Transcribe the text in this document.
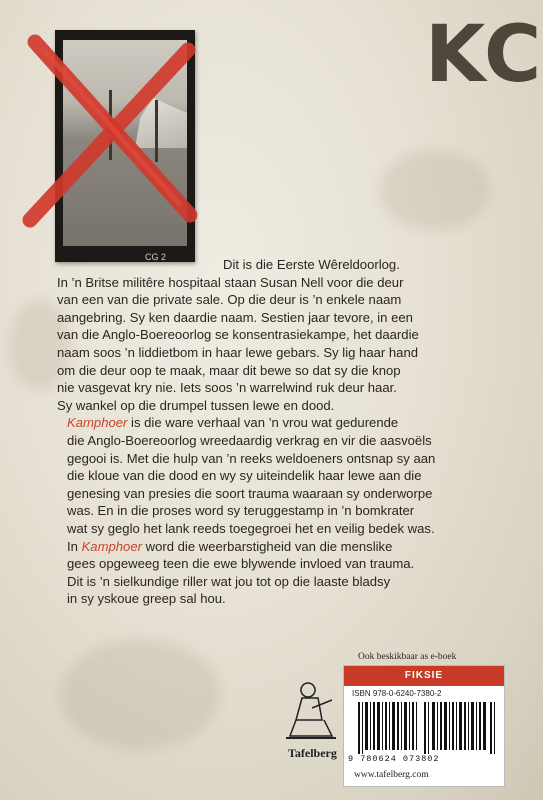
KC
CG 2	Dit is die Eerste Wêreldoorlog.

In ’n Britse militêre hospitaal staan Susan Nell voor die deur
van een van die private sale. Op die deur is ’n enkele naam
aangebring. Sy ken daardie naam. Sestien jaar tevore, in een
van die Anglo-Boereoorlog se konsentrasiekampe, het daardie
naam soos ’n liddietbom in haar lewe gebars. Sy lig haar hand
om die deur oop te maak, maar dit bewe so dat sy die knop
nie vasgevat kry nie. Iets soos ’n warrelwind ruk deur haar.
Sy wankel op die drumpel tussen lewe en dood.

Kamphoer is die ware verhaal van ’n vrou wat gedurende
die Anglo-Boereoorlog wreedaardig verkrag en vir die aasvoëls
gegooi is. Met die hulp van ’n reeks weldoeners ontsnap sy aan
die kloue van die dood en wy sy uiteindelik haar lewe aan die
genesing van presies die soort trauma waaraan sy onderworpe
was. En in die proses word sy teruggestamp in ’n bomkrater
wat sy geglo het lank reeds toegegroei het en veilig bedek was.

In Kamphoer word die weerbarstigheid van die menslike
gees opgeweeg teen die ewe blywende invloed van trauma.
Dit is ’n sielkundige riller wat jou tot op die laaste bladsy
in sy yskoue greep sal hou.

Tafelberg
Ook beskikbaar as e-boek
FIKSIE
ISBN 978-0-6240-7380-2
9 780624 073802
www.tafelberg.com
